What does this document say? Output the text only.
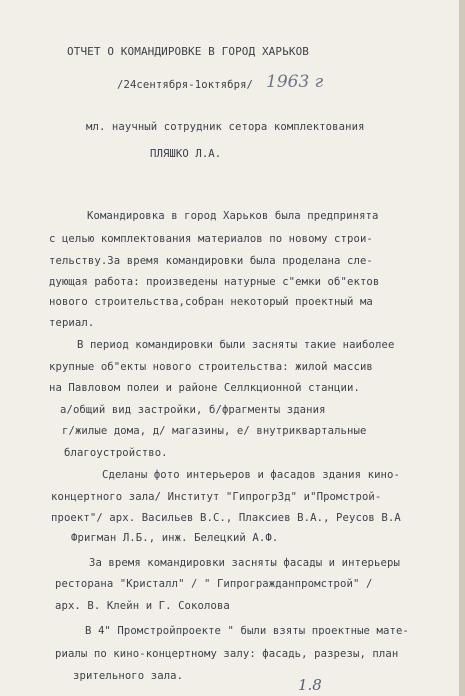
ОТЧЕТ О КОМАНДИРОВКЕ В ГОРОД ХАРЬКОВ
/24сентября-1октября/ 1963 г
мл. научный сотрудник сетора комплектования
ПЛЯШКО Л.А.
Командировка в город Харьков была предпринята
с целью комплектования материалов по новому строи-
тельству.За время командировки была проделана сле-
дующая работа: произведены натурные с"емки об"ектов
нового строительства,собран некоторый проектный ма
териал.
В период командировки были засняты такие наиболее
крупные об"екты нового строительства: жилой массив
на Павловом полеи и районе Селлкционной станции.
а/общий вид застройки, б/фрагменты здания
г/жилые дома, д/ магазины, е/ внутриквартальные
благоустройство.
Сделаны фото интерьеров и фасадов здания кино-
концертного зала/ Институт "Гипрогр3д" и"Промстрой-
проект"/ арх. Васильев В.С., Плаксиев В.А., Реусов В.А
Фригман Л.Б., инж. Белецкий А.Ф.
За время командировки засняты фасады и интерьеры
ресторана "Кристалл" / " Гипрогражданпромстрой" /
арх. В. Клейн и Г. Соколова
В 4" Промстройпроекте " были взяты проектные мате-
риалы по кино-концертному залу: фасадь, разрезы, план
зрительного зала.	1.8
